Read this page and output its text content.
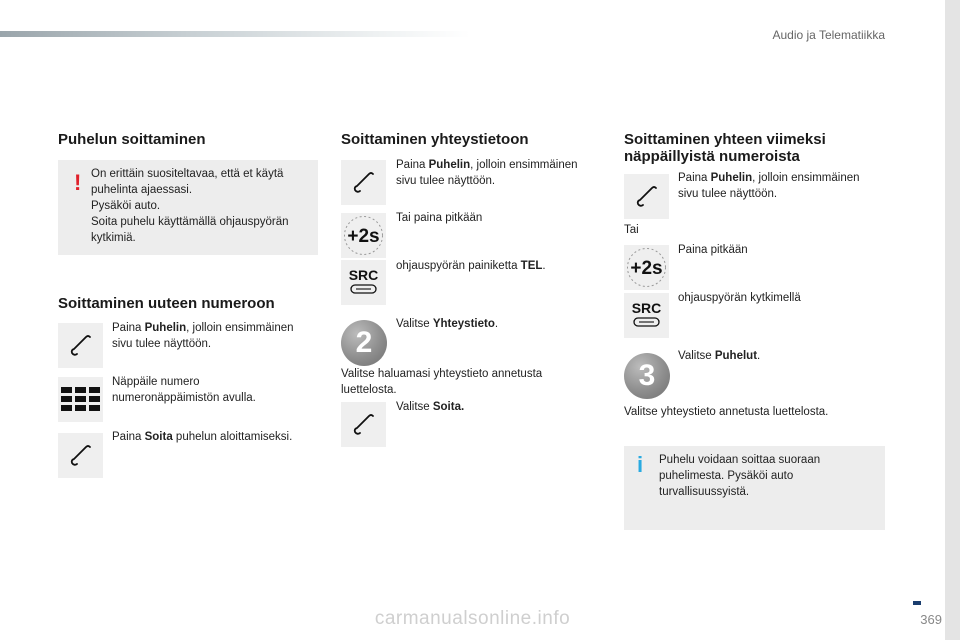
Audio ja Telematiikka
Puhelun soittaminen
! On erittäin suositeltavaa, että et käytä
puhelinta ajaessasi.
Pysäköi auto.
Soita puhelu käyttämällä ohjauspyörän
kytkimiä.
Soittaminen uuteen numeroon
Paina Puhelin, jolloin ensimmäinen
sivu tulee näyttöön.
Näppäile numero
numeronäppäimistön avulla.
Paina Soita puhelun aloittamiseksi.
Soittaminen yhteystietoon
Paina Puhelin, jolloin ensimmäinen
sivu tulee näyttöön.
+2s
Tai paina pitkään
SRC
ohjauspyörän painiketta TEL.
2
Valitse Yhteystieto.
Valitse haluamasi yhteystieto annetusta
luettelosta.
Valitse Soita.
Soittaminen yhteen viimeksi
näppäillyistä numeroista
Paina Puhelin, jolloin ensimmäinen
sivu tulee näyttöön.
Tai
+2s
Paina pitkään
SRC
ohjauspyörän kytkimellä
3
Valitse Puhelut.
Valitse yhteystieto annetusta luettelosta.
i Puhelu voidaan soittaa suoraan
puhelimesta. Pysäköi auto
turvallisuussyistä.
carmanualsonline.info	369
